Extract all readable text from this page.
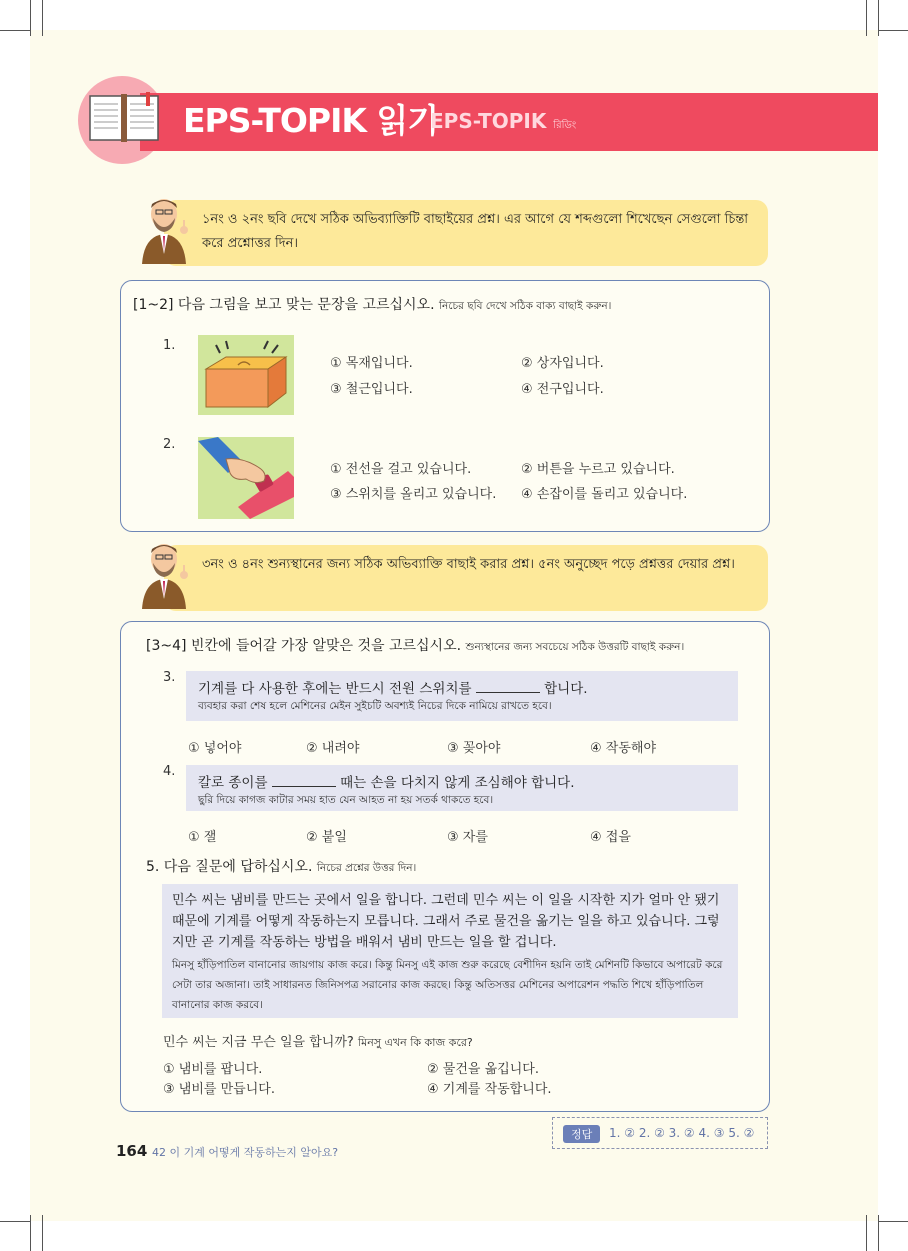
EPS-TOPIK 읽기
EPS-TOPIK রিডিং
১নং ও ২নং ছবি দেখে সঠিক অভিব্যাক্তিটি বাছাইয়ের প্রশ্ন। এর আগে যে শব্দগুলো শিখেছেন সেগুলো চিন্তা করে প্রশ্নোত্তর দিন।
[1~2] 다음 그림을 보고 맞는 문장을 고르십시오. নিচের ছবি দেখে সঠিক বাক্য বাছাই করুন।
1.
① 목재입니다.	② 상자입니다.
③ 철근입니다.	④ 전구입니다.
2.
① 전선을 걸고 있습니다.	② 버튼을 누르고 있습니다.
③ 스위치를 올리고 있습니다. ④ 손잡이를 돌리고 있습니다.
৩নং ও ৪নং শুন্যস্থানের জন্য সঠিক অভিব্যাক্তি বাছাই করার প্রশ্ন। ৫নং অনুচ্ছেদ পড়ে প্রশ্নত্তর দেয়ার প্রশ্ন।
[3~4] 빈칸에 들어갈 가장 알맞은 것을 고르십시오. শুন্যস্থানের জন্য সবচেয়ে সঠিক উত্তরটি বাছাই করুন।
3.
기계를 다 사용한 후에는 반드시 전원 스위치를	합니다.
ব্যবহার করা শেষ হলে মেশিনের মেইন সুইচটি অবশ্যই নিচের দিকে নামিয়ে রাখতে হবে।
① 넣어야	② 내려야	③ 꽂아야	④ 작동해야
4.
칼로 종이를	때는 손을 다치지 않게 조심해야 합니다.
ছুরি দিয়ে কাগজ কাটার সময় হাত যেন আহত না হয় সতর্ক থাকতে হবে।
① 잴	② 붙일	③ 자를	④ 접을
5. 다음 질문에 답하십시오. নিচের প্রশ্নের উত্তর দিন।
민수 씨는 냄비를 만드는 곳에서 일을 합니다. 그런데 민수 씨는 이 일을 시작한 지가 얼마 안 됐기 때문에 기계를 어떻게 작동하는지 모릅니다. 그래서 주로 물건을 옮기는 일을 하고 있습니다. 그렇지만 곧 기계를 작동하는 방법을 배워서 냄비 만드는 일을 할 겁니다.
মিনসু হাঁড়িপাতিল বানানোর জায়গায় কাজ করে। কিন্তু মিনসু এই কাজ শুরু করেছে বেশীদিন হয়নি তাই মেশিনটি কিভাবে অপারেট করে সেটা তার অজানা। তাই সাধারনত জিনিসপত্র সরানোর কাজ করছে। কিন্তু অতিসত্তর মেশিনের অপারেশন পদ্ধতি শিখে হাঁড়িপাতিল বানানোর কাজ করবে।
민수 씨는 지금 무슨 일을 합니까? মিনসু এখন কি কাজ করে?
① 냄비를 팝니다.	② 물건을 옮깁니다.
③ 냄비를 만듭니다.	④ 기계를 작동합니다.
정답	1. ② 2. ② 3. ② 4. ③ 5. ②
164 42 이 기계 어떻게 작동하는지 알아요?
